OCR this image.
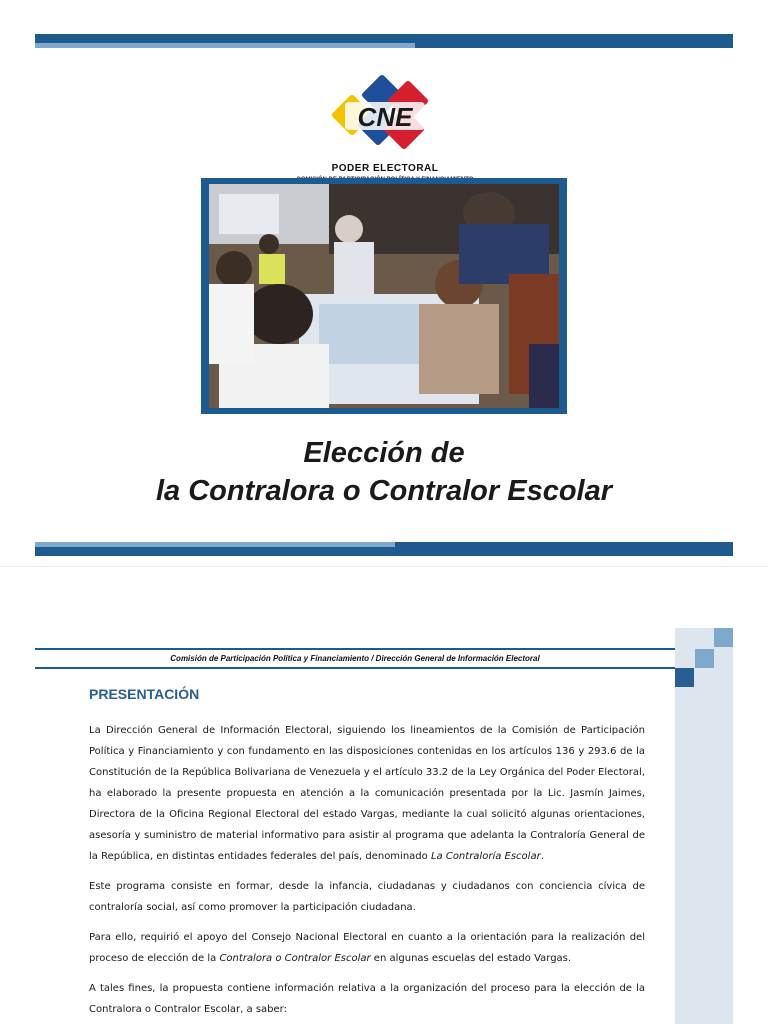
CNE
PODER ELECTORAL
Elección de
la Contralora o Contralor Escolar
Comisión de Participación Política y Financiamiento / Dirección General de Información Electoral
PRESENTACIÓN

La Dirección General de Información Electoral, siguiendo los lineamientos de la Comisión de Participación Política y Financiamiento y con fundamento en las disposiciones contenidas en los artículos 136 y 293.6 de la Constitución de la República Bolivariana de Venezuela y el artículo 33.2 de la Ley Orgánica del Poder Electoral, ha elaborado la presente propuesta en atención a la comunicación presentada por la Lic. Jasmín Jaimes, Directora de la Oficina Regional Electoral del estado Vargas, mediante la cual solicitó algunas orientaciones, asesoría y suministro de material informativo para asistir al programa que adelanta la Contraloría General de la República, en distintas entidades federales del país, denominado La Contraloría Escolar.

Este programa consiste en formar, desde la infancia, ciudadanas y ciudadanos con conciencia cívica de contraloría social, así como promover la participación ciudadana.

Para ello, requirió el apoyo del Consejo Nacional Electoral en cuanto a la orientación para la realización del proceso de elección de la Contralora o Contralor Escolar en algunas escuelas del estado Vargas.

A tales fines, la propuesta contiene información relativa a la organización del proceso para la elección de la Contralora o Contralor Escolar, a saber:
